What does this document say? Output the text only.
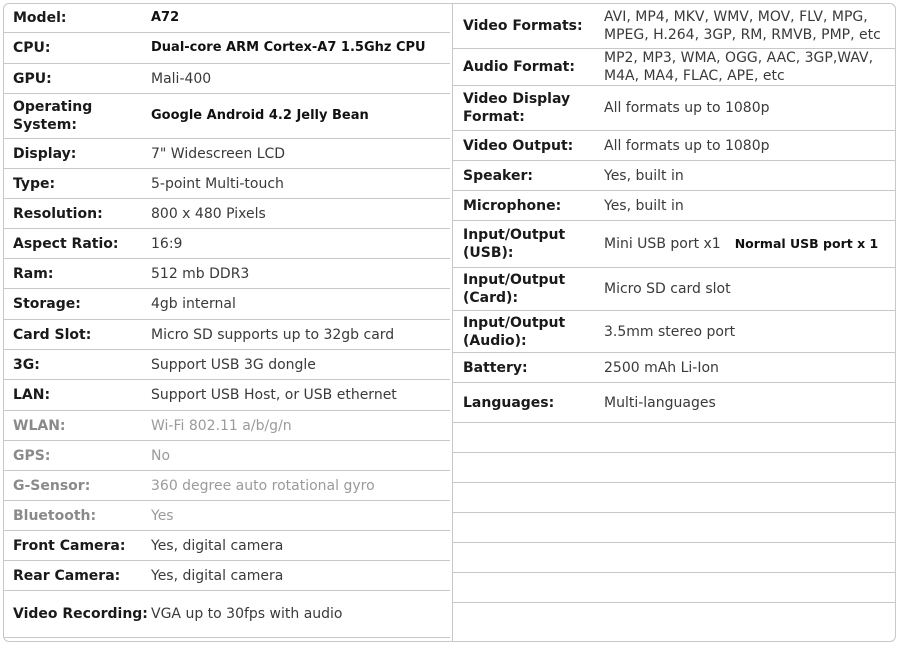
Model:	A72
CPU:	Dual-core ARM Cortex-A7 1.5Ghz CPU
GPU:	Mali-400
Operating System:
Google Android 4.2 Jelly Bean
Display:	7" Widescreen LCD
Type:	5-point Multi-touch
Resolution:	800 x 480 Pixels
Aspect Ratio:	16:9
Ram:	512 mb DDR3
Storage:	4gb internal
Card Slot:	Micro SD supports up to 32gb card
3G:	Support USB 3G dongle
LAN:	Support USB Host, or USB ethernet
WLAN:	Wi-Fi 802.11 a/b/g/n
GPS:	No
G-Sensor:	360 degree auto rotational gyro
Bluetooth:	Yes
Front Camera:	Yes, digital camera
Rear Camera:	Yes, digital camera
Video Recording: VGA up to 30fps with audio
Video Formats:
AVI, MP4, MKV, WMV, MOV, FLV, MPG, MPEG, H.264, 3GP, RM, RMVB, PMP, etc
Audio Format:
MP2, MP3, WMA, OGG, AAC, 3GP,WAV, M4A, MA4, FLAC, APE, etc
Video Display Format:
All formats up to 1080p
Video Output:	All formats up to 1080p
Speaker:	Yes, built in
Microphone:	Yes, built in
Input/Output (USB):
Mini USB port x1 Normal USB port x 1
Input/Output (Card):
Micro SD card slot
Input/Output (Audio):
3.5mm stereo port
Battery:	2500 mAh Li-Ion
Languages:	Multi-languages
